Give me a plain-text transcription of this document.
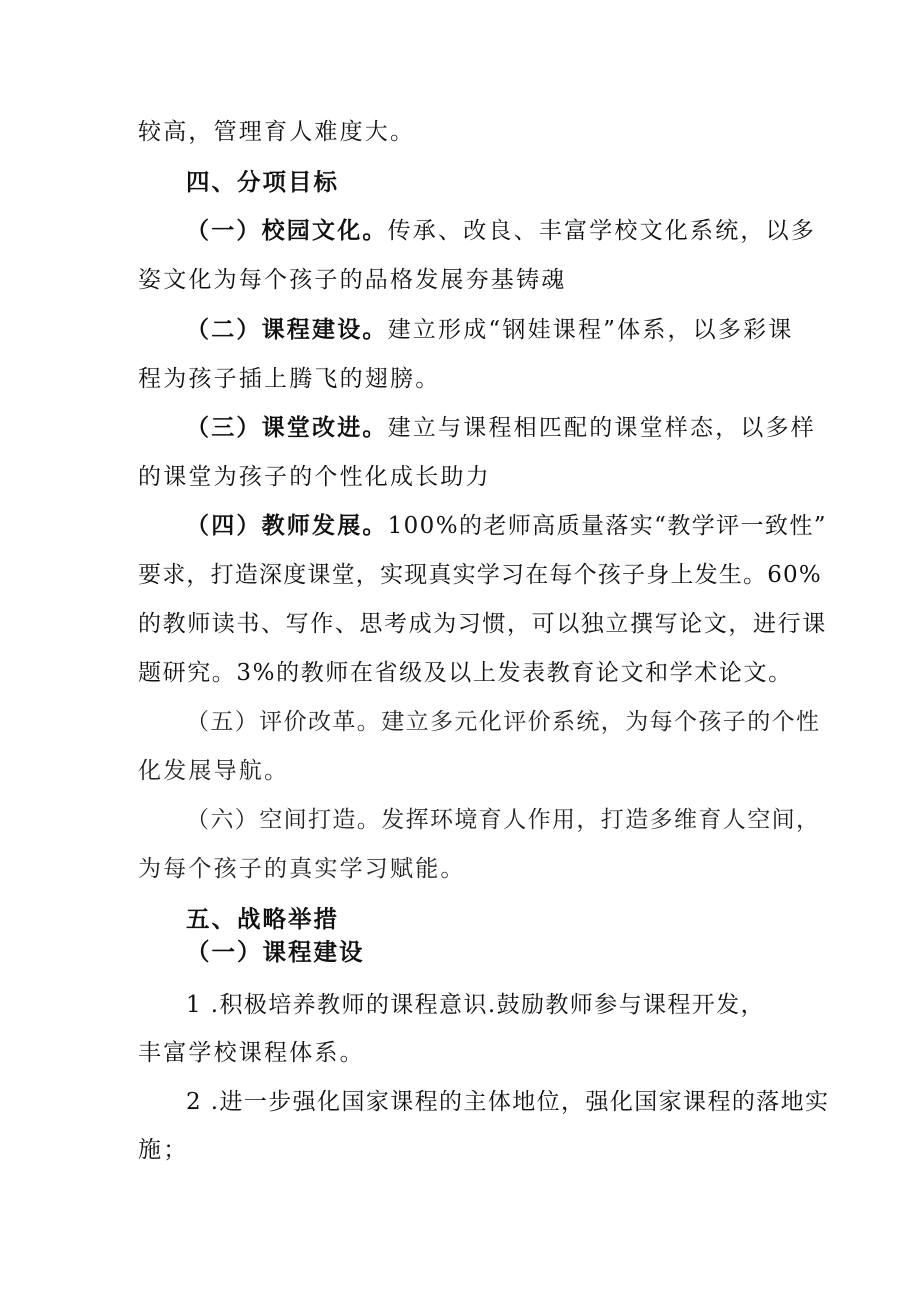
较高，管理育人难度大。
四、分项目标
（一）校园文化。传承、改良、丰富学校文化系统，以多
姿文化为每个孩子的品格发展夯基铸魂
（二）课程建设。建立形成“钢娃课程”体系，以多彩课
程为孩子插上腾飞的翅膀。
（三）课堂改进。建立与课程相匹配的课堂样态，以多样
的课堂为孩子的个性化成长助力
（四）教师发展。100%的老师高质量落实“教学评一致性”
要求，打造深度课堂，实现真实学习在每个孩子身上发生。60%
的教师读书、写作、思考成为习惯，可以独立撰写论文，进行课
题研究。3%的教师在省级及以上发表教育论文和学术论文。
（五）评价改革。建立多元化评价系统，为每个孩子的个性
化发展导航。
（六）空间打造。发挥环境育人作用，打造多维育人空间，
为每个孩子的真实学习赋能。
五、战略举措
（一）课程建设
1 .积极培养教师的课程意识.鼓励教师参与课程开发，
丰富学校课程体系。
2 .进一步强化国家课程的主体地位，强化国家课程的落地实
施；
